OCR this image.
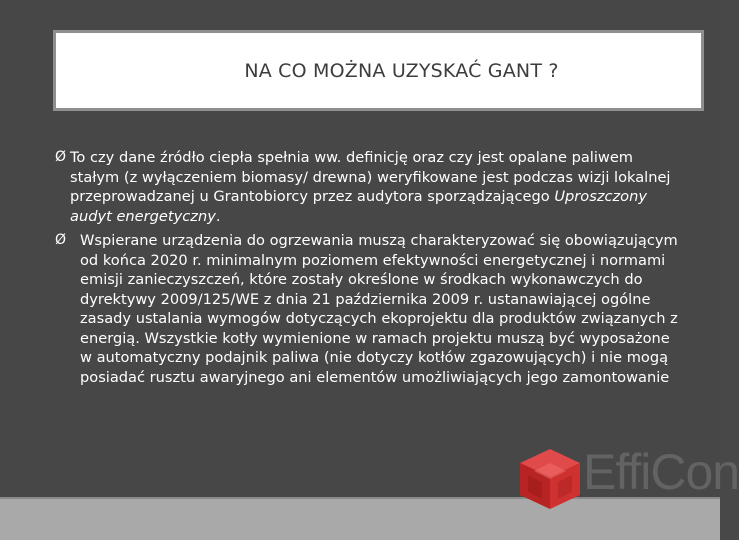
NA CO MOŻNA UZYSKAĆ GANT ?
Ø To czy dane źródło ciepła spełnia ww. definicję oraz czy jest opalane paliwem stałym (z wyłączeniem biomasy/ drewna) weryfikowane jest podczas wizji lokalnej przeprowadzanej u Grantobiorcy przez audytora sporządzającego Uproszczony audyt energetyczny.
Ø Wspierane urządzenia do ogrzewania muszą charakteryzować się obowiązującym od końca 2020 r. minimalnym poziomem efektywności energetycznej i normami emisji zanieczyszczeń, które zostały określone w środkach wykonawczych do dyrektywy 2009/125/WE z dnia 21 października 2009 r. ustanawiającej ogólne zasady ustalania wymogów dotyczących ekoprojektu dla produktów związanych z energią. Wszystkie kotły wymienione w ramach projektu muszą być wyposażone w automatyczny podajnik paliwa (nie dotyczy kotłów zgazowujących) i nie mogą posiadać rusztu awaryjnego ani elementów umożliwiających jego zamontowanie
EffiCon
